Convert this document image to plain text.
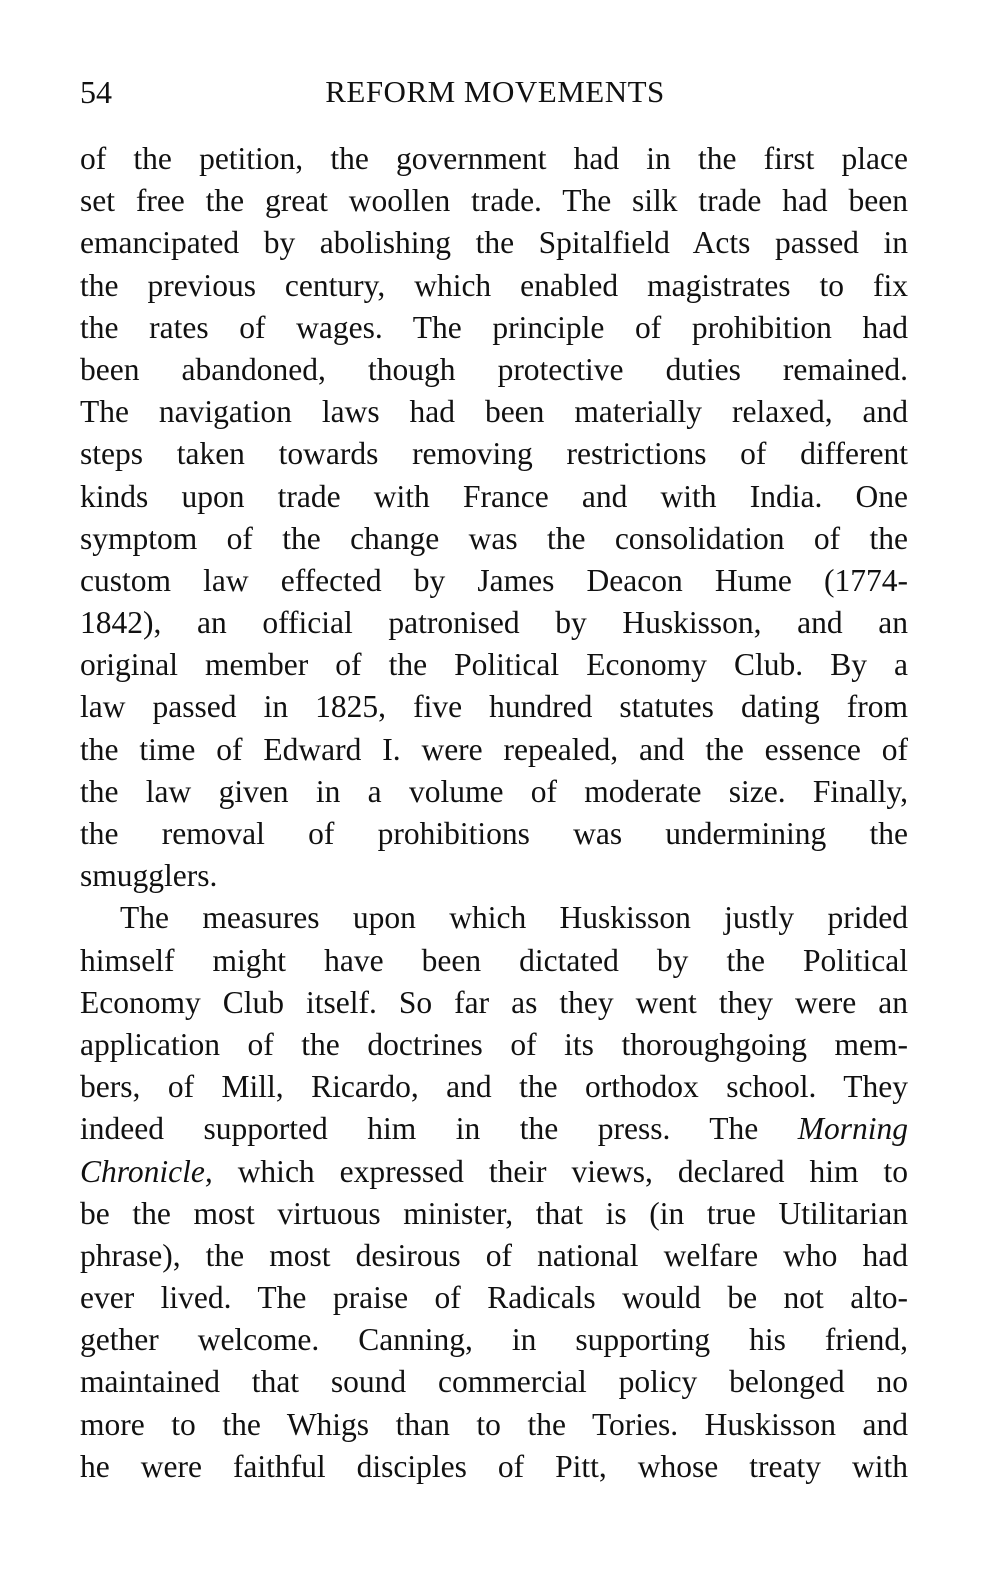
54	REFORM MOVEMENTS
of the petition, the government had in the first place
set free the great woollen trade. The silk trade had been
emancipated by abolishing the Spitalfield Acts passed in
the previous century, which enabled magistrates to fix
the rates of wages. The principle of prohibition had
been abandoned, though protective duties remained.
The navigation laws had been materially relaxed, and
steps taken towards removing restrictions of different
kinds upon trade with France and with India. One
symptom of the change was the consolidation of the
custom law effected by James Deacon Hume (1774-
1842), an official patronised by Huskisson, and an
original member of the Political Economy Club. By a
law passed in 1825, five hundred statutes dating from
the time of Edward I. were repealed, and the essence of
the law given in a volume of moderate size. Finally,
the removal of prohibitions was undermining the
smugglers.
The measures upon which Huskisson justly prided
himself might have been dictated by the Political
Economy Club itself. So far as they went they were an
application of the doctrines of its thoroughgoing mem-
bers, of Mill, Ricardo, and the orthodox school. They
indeed supported him in the press. The Morning
Chronicle, which expressed their views, declared him to
be the most virtuous minister, that is (in true Utilitarian
phrase), the most desirous of national welfare who had
ever lived. The praise of Radicals would be not alto-
gether welcome. Canning, in supporting his friend,
maintained that sound commercial policy belonged no
more to the Whigs than to the Tories. Huskisson and
he were faithful disciples of Pitt, whose treaty with
